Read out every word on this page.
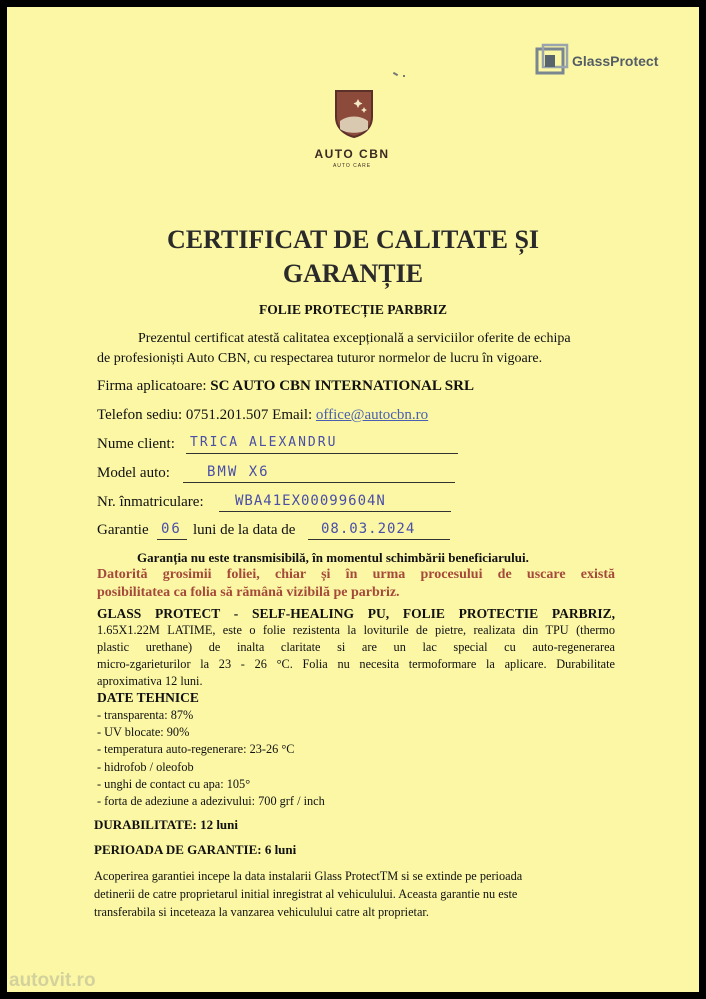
GlassProtect
AUTO CBN
AUTO CARE
CERTIFICAT DE CALITATE ȘI
GARANȚIE
FOLIE PROTECȚIE PARBRIZ
Prezentul certificat atestă calitatea excepțională a serviciilor oferite de echipa
de profesioniști Auto CBN, cu respectarea tuturor normelor de lucru în vigoare.
Firma aplicatoare: SC AUTO CBN INTERNATIONAL SRL
Telefon sediu: 0751.201.507 Email: office@autocbn.ro
Nume client: TRICA ALEXANDRU
Model auto:	BMW X6
Nr. înmatriculare: WBA41EX00099604N
Garantie 06 luni de la data de 08.03.2024
Garanția nu este transmisibilă, în momentul schimbării beneficiarului.
Datorită grosimii foliei, chiar și în urma procesului de uscare există
posibilitatea ca folia să rămână vizibilă pe parbriz.
GLASS PROTECT - SELF-HEALING PU, FOLIE PROTECTIE PARBRIZ,
1.65X1.22M LATIME, este o folie rezistenta la loviturile de pietre, realizata din TPU (thermo
plastic urethane) de inalta claritate si are un lac special cu auto-regenerarea
micro-zgarieturilor la 23 - 26 °C. Folia nu necesita termoformare la aplicare. Durabilitate
aproximativa 12 luni.
DATE TEHNICE
- transparenta: 87%
- UV blocate: 90%
- temperatura auto-regenerare: 23-26 °C
- hidrofob / oleofob
- unghi de contact cu apa: 105°
- forta de adeziune a adezivului: 700 grf / inch
DURABILITATE: 12 luni
PERIOADA DE GARANTIE: 6 luni
Acoperirea garantiei incepe la data instalarii Glass ProtectTM si se extinde pe perioada
detinerii de catre proprietarul initial inregistrat al vehiculului. Aceasta garantie nu este
transferabila si inceteaza la vanzarea vehiculului catre alt proprietar.
autovit.ro
